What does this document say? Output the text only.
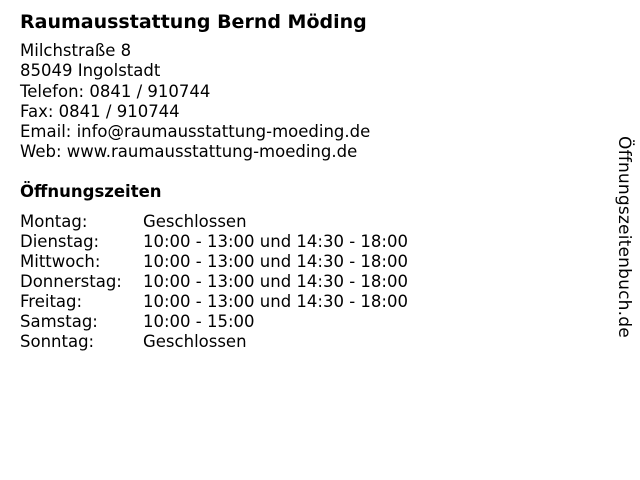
Raumausstattung Bernd Möding
Milchstraße 8
85049 Ingolstadt
Telefon: 0841 / 910744
Fax: 0841 / 910744
Email: info@raumausstattung-moeding.de
Web: www.raumausstattung-moeding.de
Öffnungszeiten
Montag:	Geschlossen
Dienstag:	10:00 - 13:00 und 14:30 - 18:00
Mittwoch:	10:00 - 13:00 und 14:30 - 18:00
Donnerstag:	10:00 - 13:00 und 14:30 - 18:00
Freitag:	10:00 - 13:00 und 14:30 - 18:00
Samstag:	10:00 - 15:00
Sonntag:	Geschlossen
Öffnungszeitenbuch.de
